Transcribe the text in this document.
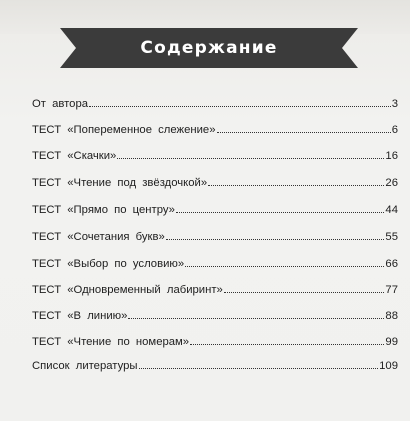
Содержание
От автора	3
ТЕСТ «Попеременное слежение»	6
ТЕСТ «Скачки»	16
ТЕСТ «Чтение под звёздочкой»	26
ТЕСТ «Прямо по центру»	44
ТЕСТ «Сочетания букв»	55
ТЕСТ «Выбор по условию»	66
ТЕСТ «Одновременный лабиринт»	77
ТЕСТ «В линию»	88
ТЕСТ «Чтение по номерам»	99
Список литературы	109
